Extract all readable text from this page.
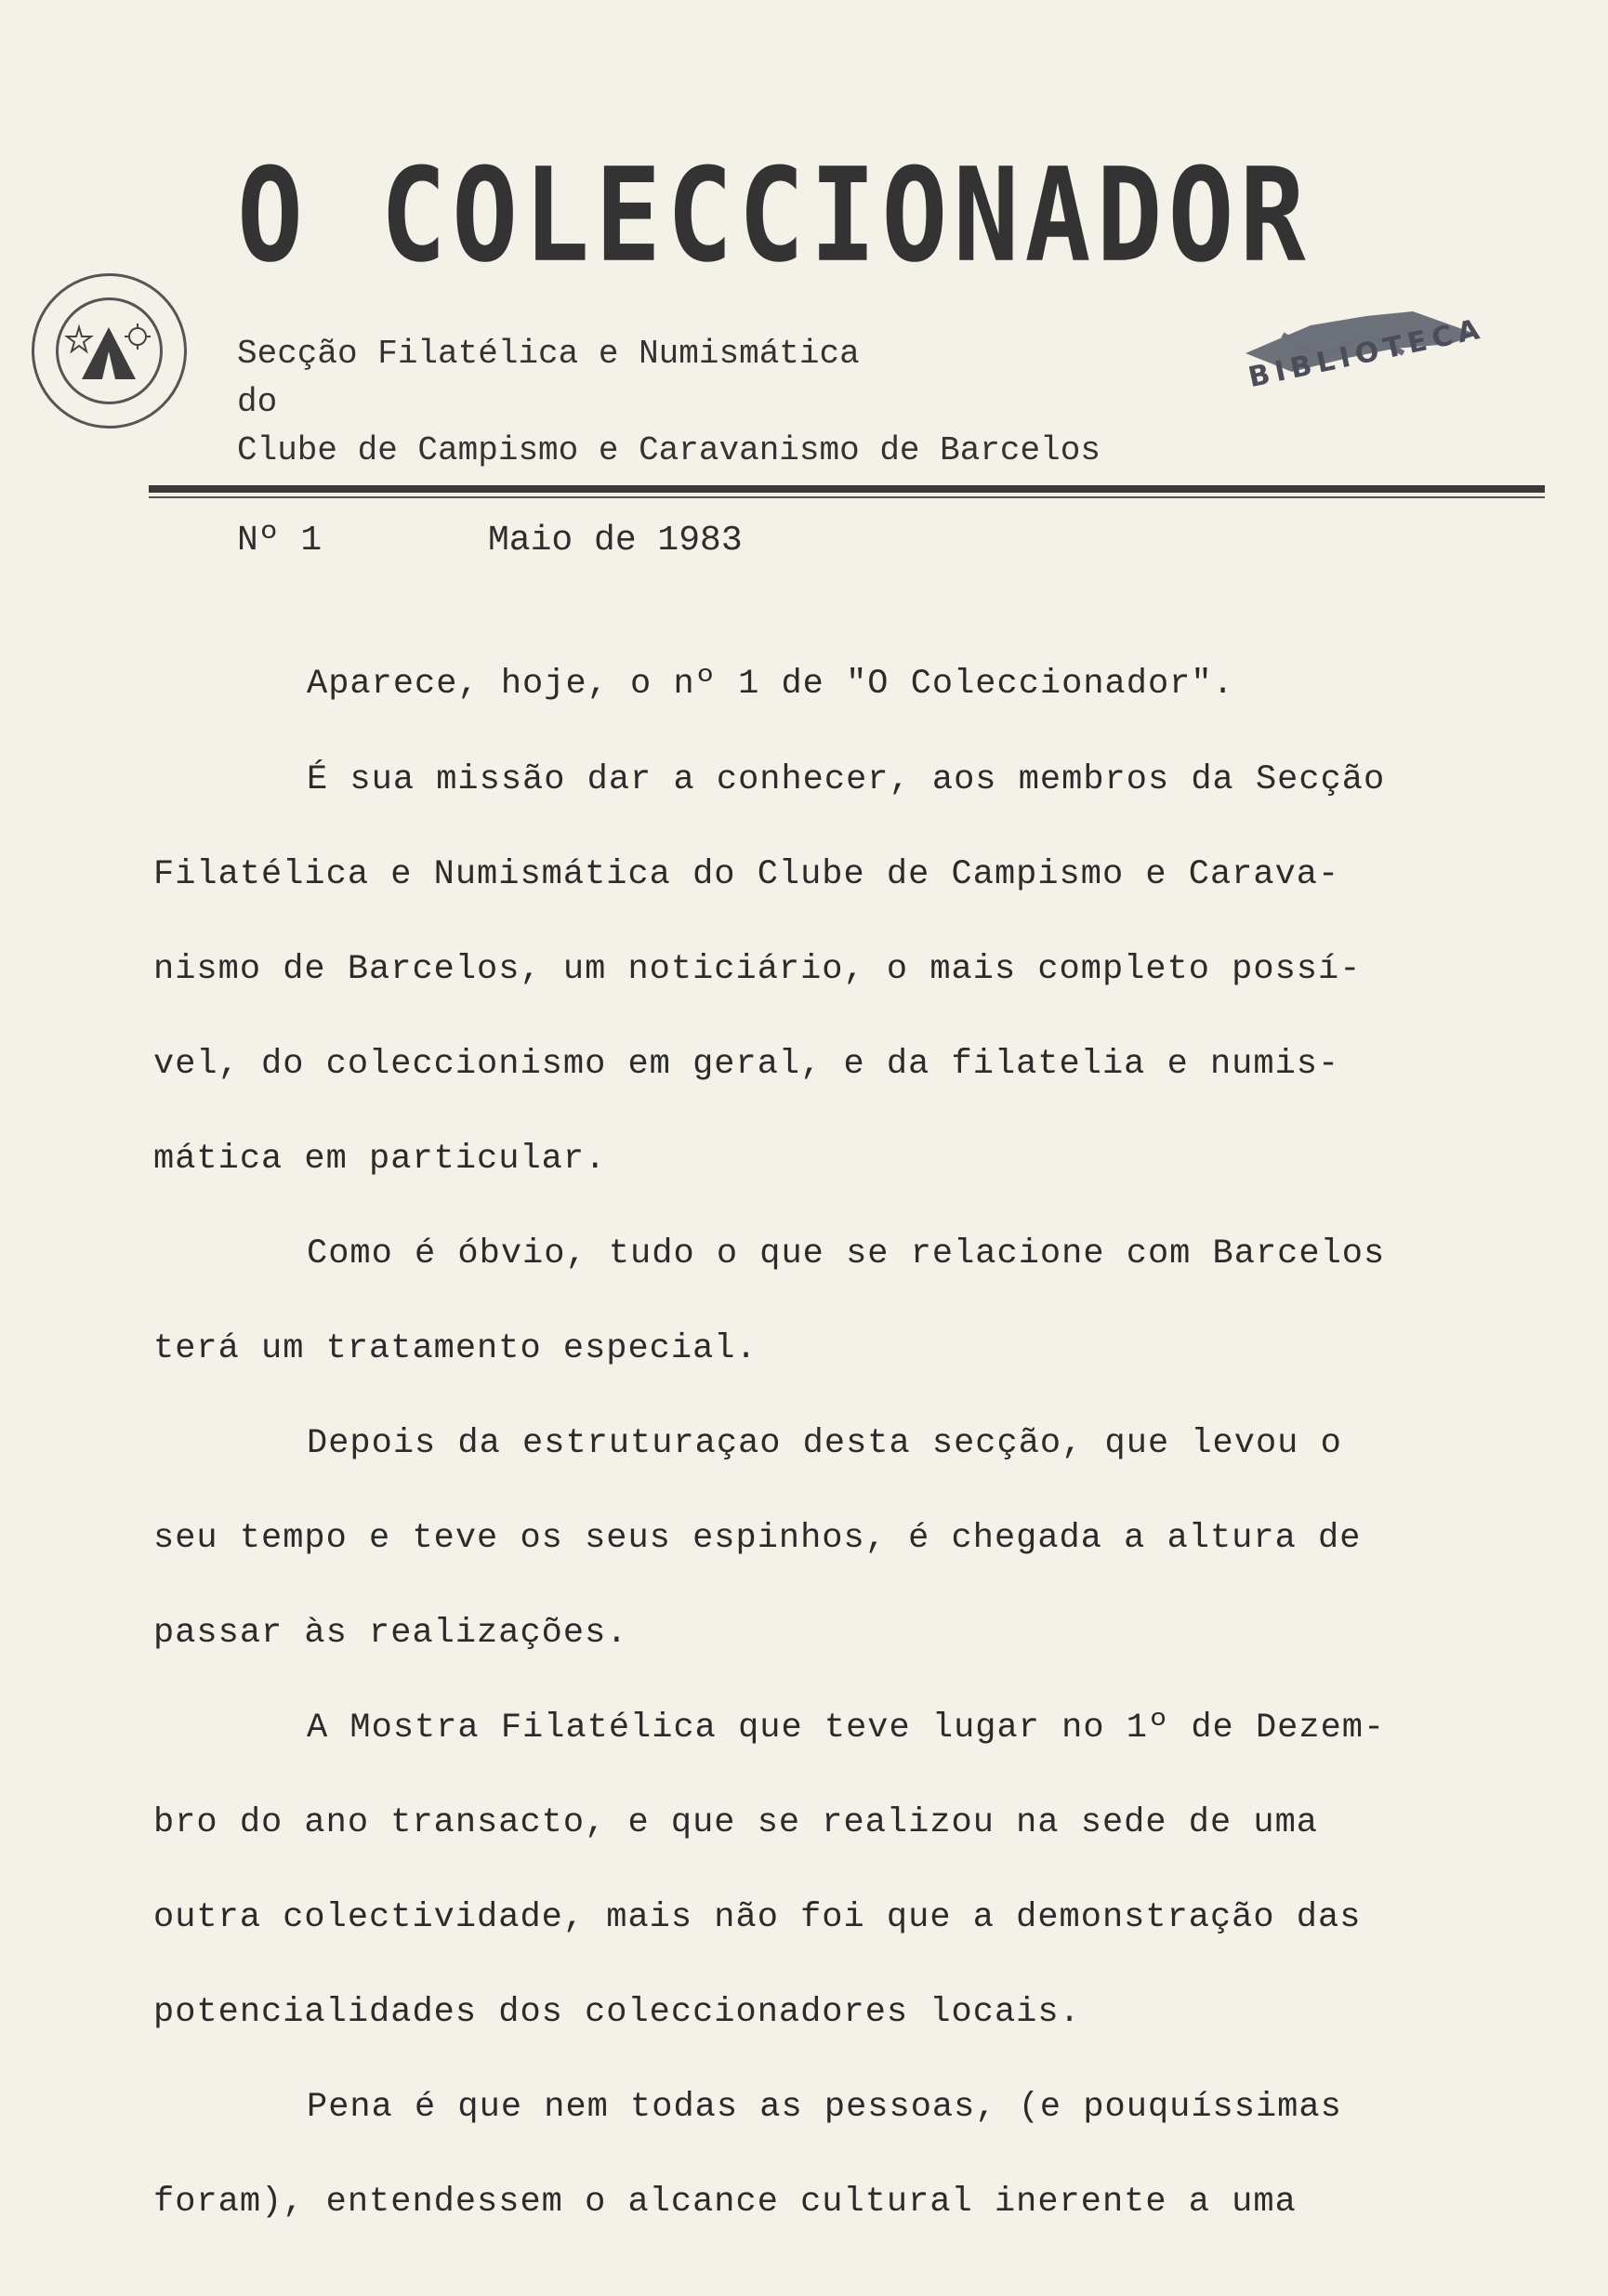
O COLECCIONADOR
Secção Filatélica e Numismática
do
Clube de Campismo e Caravanismo de Barcelos
BIBLIOTECA
Nº 1	Maio de 1983
Aparece, hoje, o nº 1 de "O Coleccionador".
É sua missão dar a conhecer, aos membros da Secção
Filatélica e Numismática do Clube de Campismo e Carava-
nismo de Barcelos, um noticiário, o mais completo possí-
vel, do coleccionismo em geral, e da filatelia e numis-
mática em particular.
Como é óbvio, tudo o que se relacione com Barcelos
terá um tratamento especial.
Depois da estruturaçao desta secção, que levou o
seu tempo e teve os seus espinhos, é chegada a altura de
passar às realizações.
A Mostra Filatélica que teve lugar no 1º de Dezem-
bro do ano transacto, e que se realizou na sede de uma
outra colectividade, mais não foi que a demonstração das
potencialidades dos coleccionadores locais.
Pena é que nem todas as pessoas, (e pouquíssimas
foram), entendessem o alcance cultural inerente a uma
